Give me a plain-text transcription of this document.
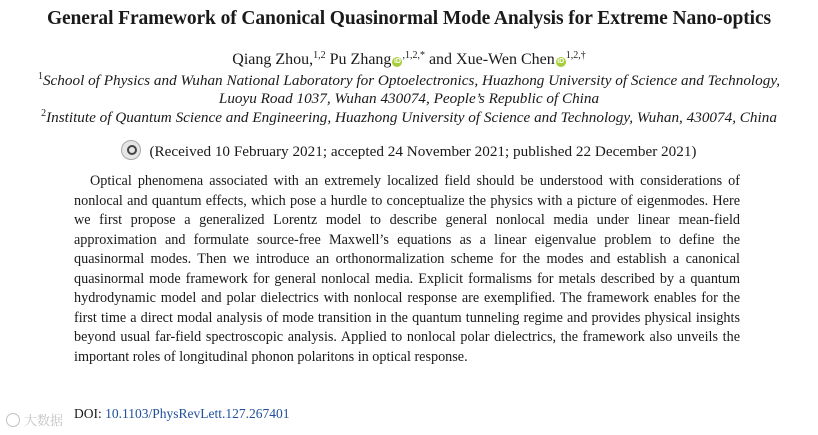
General Framework of Canonical Quasinormal Mode Analysis for Extreme Nano-optics
Qiang Zhou,$^{1,2}$ Pu Zhang $iD^{,1,2,*}$ and Xue-Wen Chen $iD^{1,2,\dagger}$
$^1$School of Physics and Wuhan National Laboratory for Optoelectronics, Huazhong University of Science and Technology,
Luoyu Road 1037, Wuhan 430074, People’s Republic of China
$^2$Institute of Quantum Science and Engineering, Huazhong University of Science and Technology, Wuhan, 430074, China
(Received 10 February 2021; accepted 24 November 2021; published 22 December 2021)

Optical phenomena associated with an extremely localized field should be understood with considerations of nonlocal and quantum effects, which pose a hurdle to conceptualize the physics with a picture of eigenmodes. Here we first propose a generalized Lorentz model to describe general nonlocal media under linear mean-field approximation and formulate source-free Maxwell’s equations as a linear eigenvalue problem to define the quasinormal modes. Then we introduce an orthonormalization scheme for the modes and establish a canonical quasinormal mode framework for general nonlocal media. Explicit formalisms for metals described by a quantum hydrodynamic model and polar dielectrics with nonlocal response are exemplified. The framework enables for the first time a direct modal analysis of mode transition in the quantum tunneling regime and provides physical insights beyond usual far-field spectroscopic analysis. Applied to nonlocal polar dielectrics, the framework also unveils the important roles of longitudinal phonon polaritons in optical response.

大数据
DOI: 10.1103/PhysRevLett.127.267401
